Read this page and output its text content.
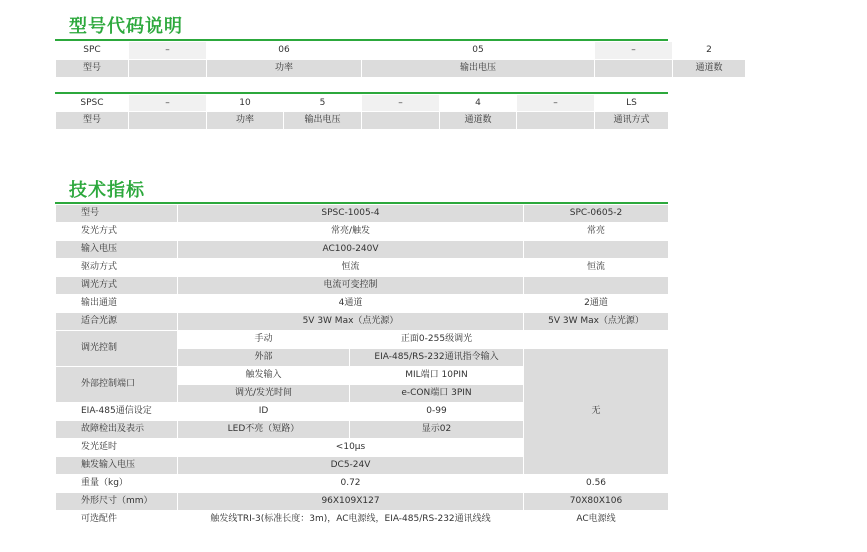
型号代码说明
SPC	–	06	05	–	2
型号		功率	输出电压		通道数
SPSC	–	10	5	–	4	–	LS
型号		功率	输出电压		通道数		通讯方式
技术指标
型号	SPSC-1005-4		SPC-0605-2
发光方式	常亮/触发		常亮
输入电压	AC100-240V		
驱动方式	恒流		恒流
调光方式	电流可变控制		
输出通道	4通道		2通道
适合光源	5V 3W Max（点光源）		5V 3W Max（点光源）
调光控制	手动	正面0-255级调光	
	外部	EIA-485/RS-232通讯指令输入	无
外部控制端口	触发输入	MIL端口 10PIN	
	调光/发光时间	e-CON端口 3PIN	
EIA-485通信设定	ID	0-99	
故障检出及表示	LED不亮（短路）	显示02	
发光延时	<10μs		
触发输入电压	DC5-24V		
重量（kg）	0.72		0.56
外形尺寸（mm）	96X109X127		70X80X106
可选配件	触发线TRI-3(标准长度：3m)，AC电源线，EIA-485/RS-232通讯线线		AC电源线
